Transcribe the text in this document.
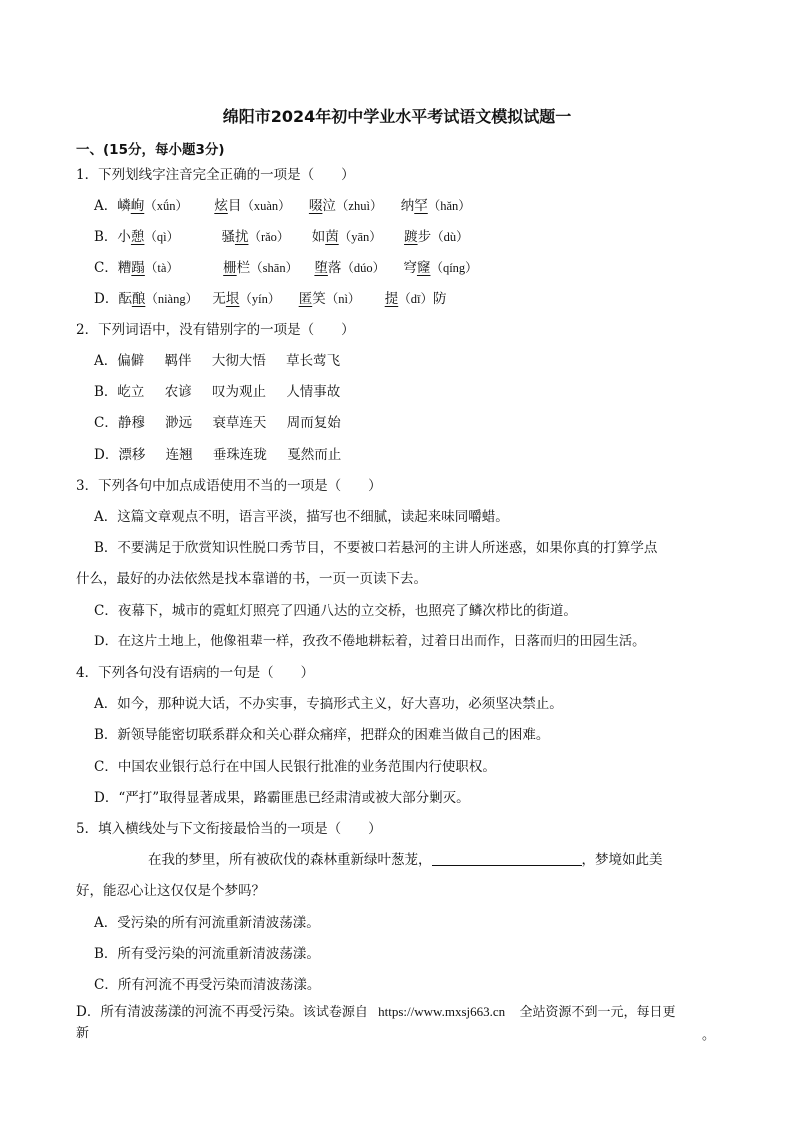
绵阳市2024年初中学业水平考试语文模拟试题一
一、(15分，每小题3分)
1．下列划线字注音完全正确的一项是（　　）
A．嶙峋（xǘn） 炫目（xuàn） 啜泣（zhuì） 纳罕（hǎn）
B．小憩（qì）	骚扰（rǎo） 如茵（yān） 踱步（dù）
C．糟蹋（tà）	栅栏（shān） 堕落（dúo） 穹窿（qíng）
D．酝酿（niàng） 无垠（yín） 匿笑（nì） 提（dī）防
2．下列词语中，没有错别字的一项是（　　）
A．偏僻 羁伴 大彻大悟 草长莺飞
B．屹立 农谚 叹为观止 人情事故
C．静穆 渺远 衰草连天 周而复始
D．漂移 连翘 垂珠连珑 戛然而止
3．下列各句中加点成语使用不当的一项是（　　）
A．这篇文章观点不明，语言平淡，描写也不细腻，读起来味同嚼蜡。
B．不要满足于欣赏知识性脱口秀节目，不要被口若悬河的主讲人所迷惑，如果你真的打算学点
什么，最好的办法依然是找本靠谱的书，一页一页读下去。
C．夜幕下，城市的霓虹灯照亮了四通八达的立交桥，也照亮了鳞次栉比的街道。
D．在这片土地上，他像祖辈一样，孜孜不倦地耕耘着，过着日出而作，日落而归的田园生活。
4．下列各句没有语病的一句是（　　）
A．如今，那种说大话，不办实事，专搞形式主义，好大喜功，必须坚决禁止。
B．新领导能密切联系群众和关心群众痛痒，把群众的困难当做自己的困难。
C．中国农业银行总行在中国人民银行批准的业务范围内行使职权。
D．“严打”取得显著成果，路霸匪患已经肃清或被大部分剿灭。
5．填入横线处与下文衔接最恰当的一项是（　　）
在我的梦里，所有被砍伐的森林重新绿叶葱茏，	，梦境如此美
好，能忍心让这仅仅是个梦吗？
A．受污染的所有河流重新清波荡漾。
B．所有受污染的河流重新清波荡漾。
C．所有河流不再受污染而清波荡漾。
D．所有清波荡漾的河流不再受污染。该试卷源自 https://www.mxsj663.cn 全站资源不到一元，每日更
新	。
